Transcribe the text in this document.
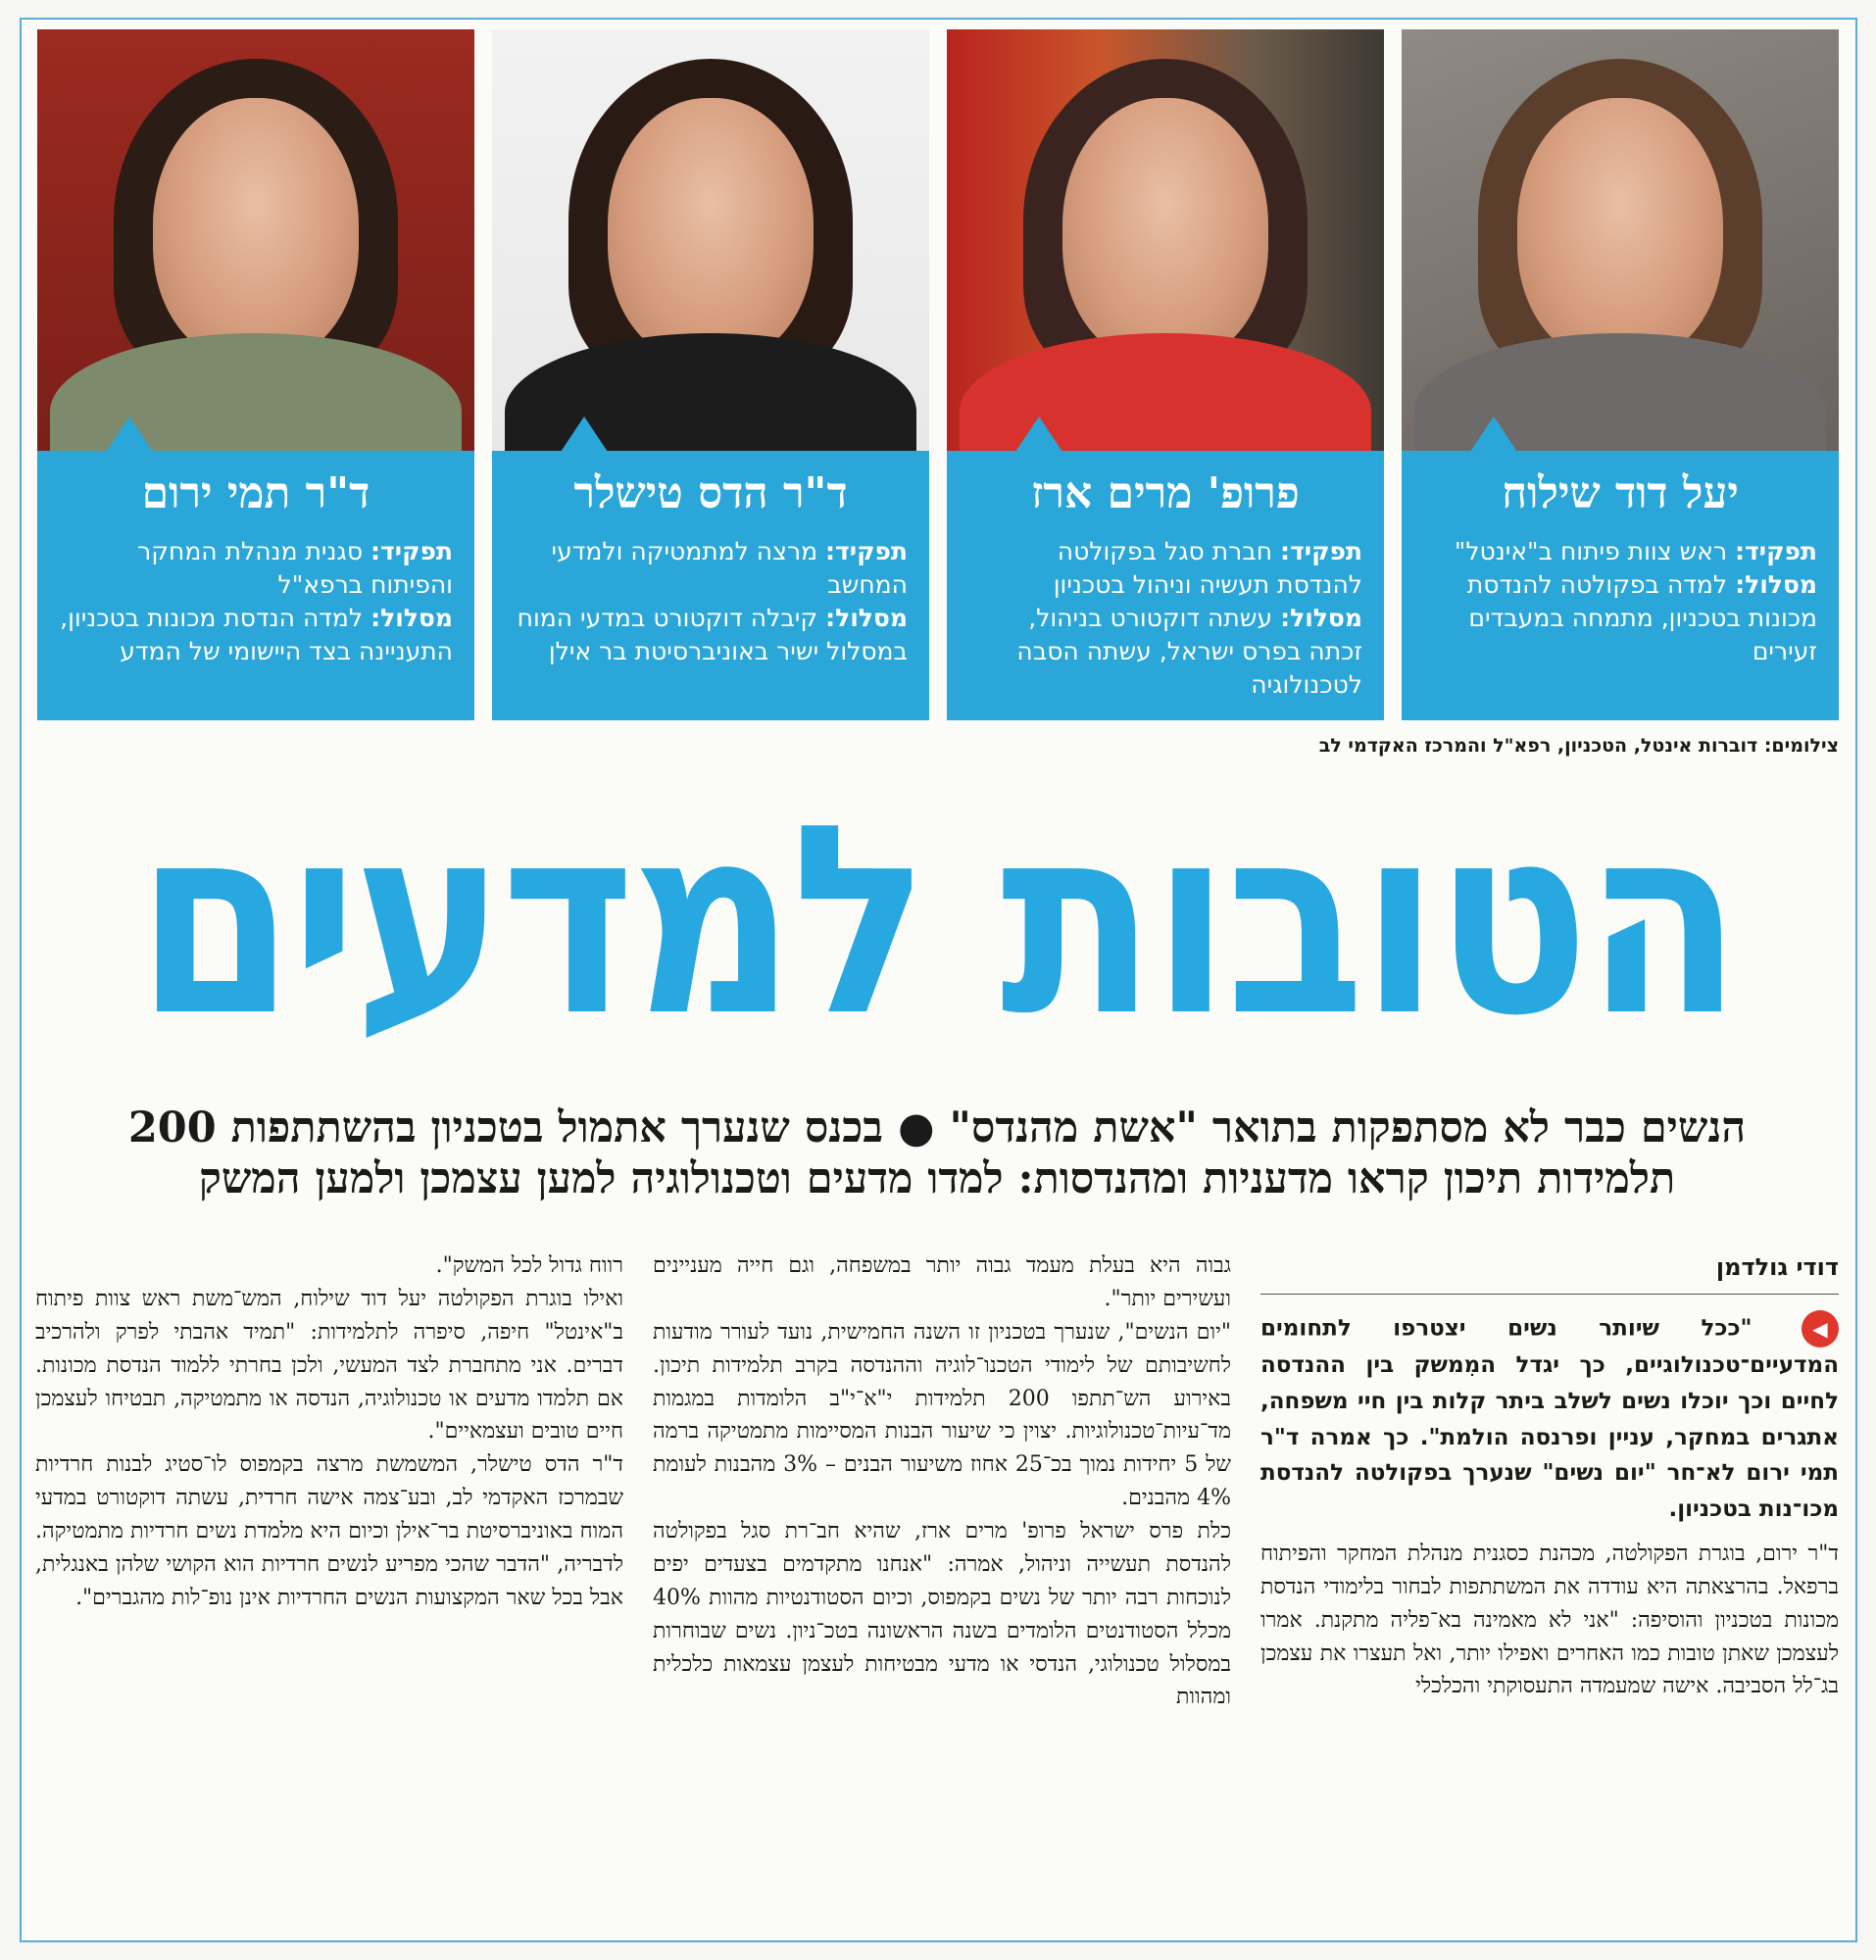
יעל דוד שילוח
תפקיד: ראש צוות פיתוח ב"אינטל"
מסלול: למדה בפקולטה להנדסת מכונות בטכניון, מתמחה במעבדים זעירים
פרופ' מרים ארז
תפקיד: חברת סגל בפקולטה להנדסת תעשיה וניהול בטכניון
מסלול: עשתה דוקטורט בניהול, זכתה בפרס ישראל, עשתה הסבה לטכנולוגיה
ד"ר הדס טישלר
תפקיד: מרצה למתמטיקה ולמדעי המחשב
מסלול: קיבלה דוקטורט במדעי המוח במסלול ישיר באוניברסיטת בר אילן
ד"ר תמי ירום
תפקיד: סגנית מנהלת המחקר והפיתוח ברפא"ל
מסלול: למדה הנדסת מכונות בטכניון, התעניינה בצד היישומי של המדע
צילומים: דוברות אינטל, הטכניון, רפא"ל והמרכז האקדמי לב
הטובות למדעים
הנשים כבר לא מסתפקות בתואר "אשת מהנדס" ● בכנס שנערך אתמול בטכניון בהשתתפות 200
תלמידות תיכון קראו מדעניות ומהנדסות: למדו מדעים וטכנולוגיה למען עצמכן ולמען המשק
דודי גולדמן

◀ "ככל שיותר נשים יצטרפו לתחומים המדעיים־טכנולוגיים, כך יגדל המִמשק בין ההנדסה לחיים וכך יוכלו נשים לשלב ביתר קלות בין חיי משפחה, אתגרים במחקר, עניין ופרנסה הולמת". כך אמרה ד"ר תמי ירום לא־חר "יום נשים" שנערך בפקולטה להנדסת מכו־נות בטכניון.

ד"ר ירום, בוגרת הפקולטה, מכהנת כסגנית מנהלת המחקר והפיתוח ברפאל. בהרצאתה היא עודדה את המשתתפות לבחור בלימודי הנדסת מכונות בטכניון והוסיפה: "אני לא מאמינה בא־פליה מתקנת. אמרו לעצמכן שאתן טובות כמו האחרים ואפילו יותר, ואל תעצרו את עצמכן בג־לל הסביבה. אישה שמעמדה התעסוקתי והכלכלי

גבוה היא בעלת מעמד גבוה יותר במשפחה, וגם חייה מעניינים ועשירים יותר".

"יום הנשים", שנערך בטכניון זו השנה החמישית, נועד לעורר מודעות לחשיבותם של לימודי הטכנו־לוגיה וההנדסה בקרב תלמידות תיכון. באירוע הש־תתפו 200 תלמידות י"א־י"ב הלומדות במגמות מד־עיות־טכנולוגיות. יצוין כי שיעור הבנות המסיימות מתמטיקה ברמה של 5 יחידות נמוך בכ־25 אחוז משיעור הבנים – 3% מהבנות לעומת 4% מהבנים.

כלת פרס ישראל פרופ' מרים ארז, שהיא חב־רת סגל בפקולטה להנדסת תעשייה וניהול, אמרה: "אנחנו מתקדמים בצעדים יפים לנוכחות רבה יותר של נשים בקמפוס, וכיום הסטודנטיות מהוות 40% מכלל הסטודנטים הלומדים בשנה הראשונה בטכ־ניון. נשים שבוחרות במסלול טכנולוגי, הנדסי או מדעי מבטיחות לעצמן עצמאות כלכלית ומהוות

רווח גדול לכל המשק".

ואילו בוגרת הפקולטה יעל דוד שילוח, המש־משת ראש צוות פיתוח ב"אינטל" חיפה, סיפרה לתלמידות: "תמיד אהבתי לפרק ולהרכיב דברים. אני מתחברת לצד המעשי, ולכן בחרתי ללמוד הנדסת מכונות. אם תלמדו מדעים או טכנולוגיה, הנדסה או מתמטיקה, תבטיחו לעצמכן חיים טובים ועצמאיים".

ד"ר הדס טישלר, המשמשת מרצה בקמפוס לו־סטיג לבנות חרדיות שבמרכז האקדמי לב, ובע־צמה אישה חרדית, עשתה דוקטורט במדעי המוח באוניברסיטת בר־אילן וכיום היא מלמדת נשים חרדיות מתמטיקה. לדבריה, "הדבר שהכי מפריע לנשים חרדיות הוא הקושי שלהן באנגלית, אבל בכל שאר המקצועות הנשים החרדיות אינן נופ־לות מהגברים".
